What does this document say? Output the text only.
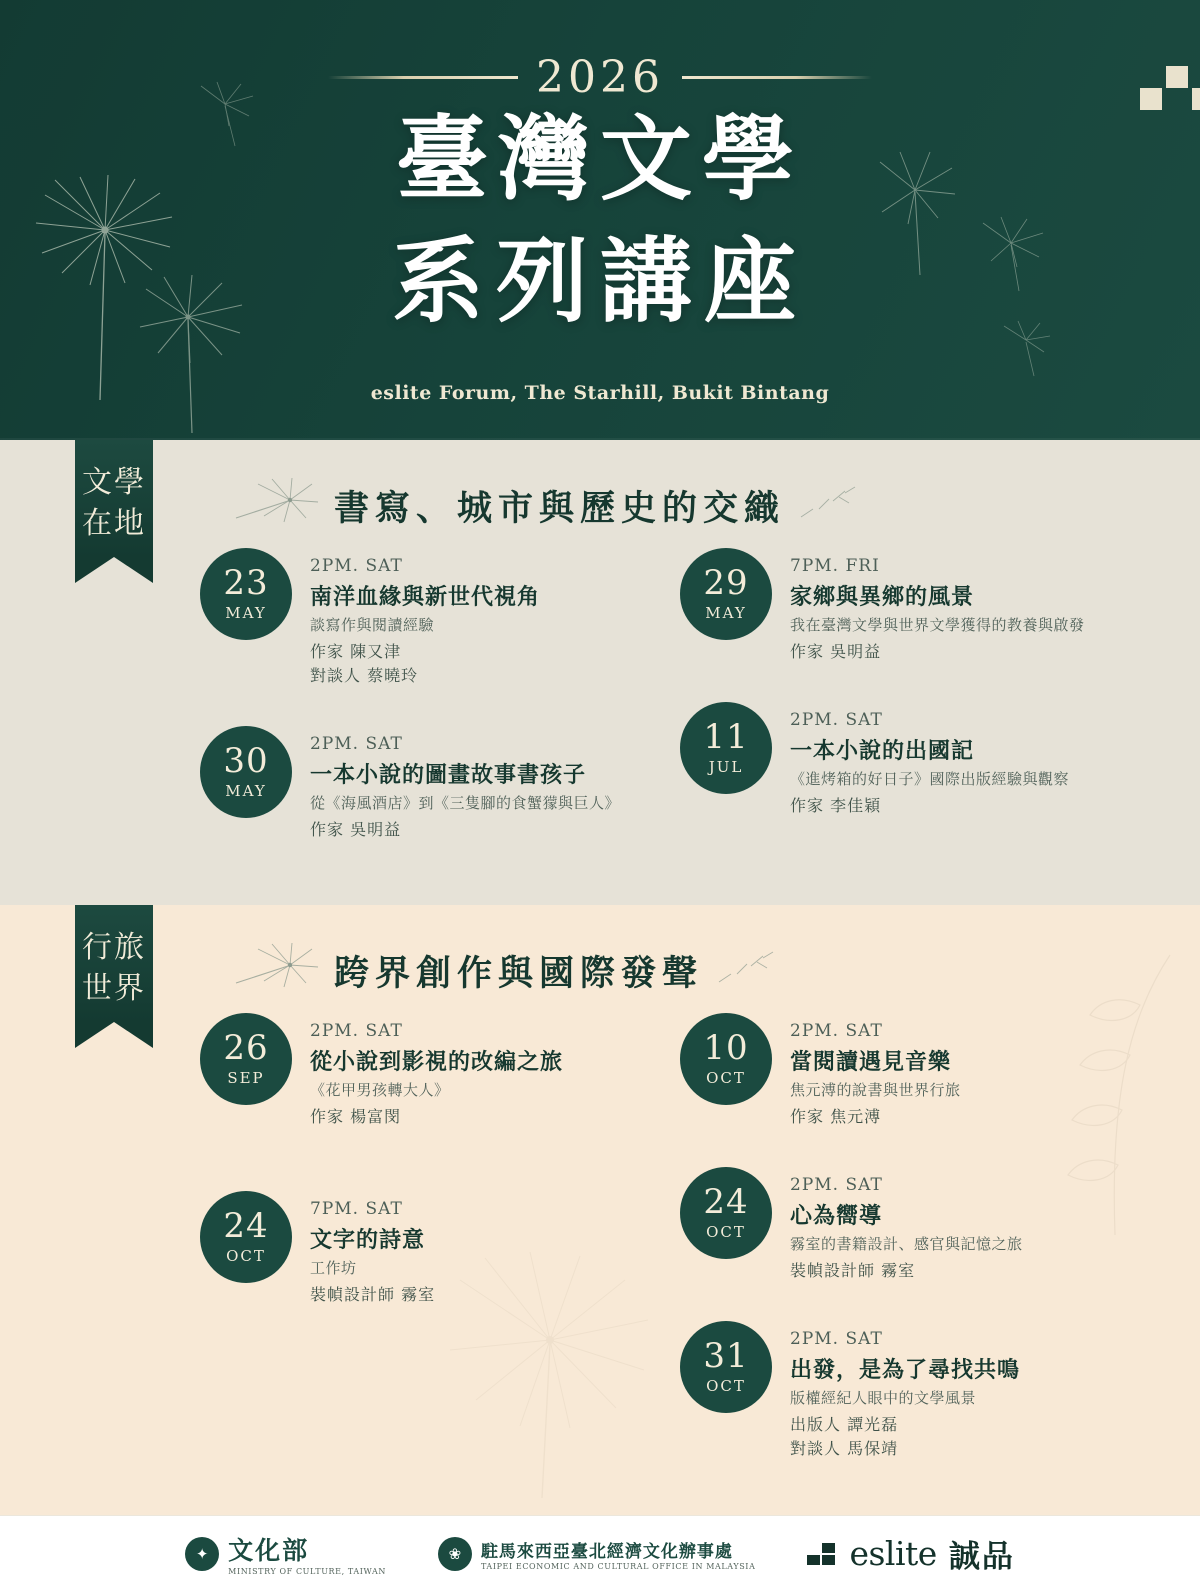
2026
臺灣文學
系列講座
eslite Forum, The Starhill, Bukit Bintang
文學在地	書寫、城市與歷史的交織
23
MAY
2PM. SAT
南洋血緣與新世代視角
談寫作與閱讀經驗
作家 陳又津
對談人 蔡曉玲
30
MAY
2PM. SAT
一本小說的圖畫故事書孩子
從《海風酒店》到《三隻腳的食蟹獴與巨人》
作家 吳明益
29
MAY
7PM. FRI
家鄉與異鄉的風景
我在臺灣文學與世界文學獲得的教養與啟發
作家 吳明益
11
JUL
2PM. SAT
一本小說的出國記
《進烤箱的好日子》國際出版經驗與觀察
作家 李佳穎
行旅世界	跨界創作與國際發聲
26
SEP
2PM. SAT
從小說到影視的改編之旅
《花甲男孩轉大人》
作家 楊富閔
24
OCT
7PM. SAT
文字的詩意
工作坊
裝幀設計師 霧室
10
OCT
2PM. SAT
當閱讀遇見音樂
焦元溥的說書與世界行旅
作家 焦元溥
24
OCT
2PM. SAT
心為嚮導
霧室的書籍設計、感官與記憶之旅
裝幀設計師 霧室
31
OCT
2PM. SAT
出發，是為了尋找共鳴
版權經紀人眼中的文學風景
出版人 譚光磊
對談人 馬保靖
✦ 文化部
MINISTRY OF CULTURE, TAIWAN
❀	駐馬來西亞臺北經濟文化辦事處
TAIPEI ECONOMIC AND CULTURAL OFFICE IN MALAYSIA	eslite 誠品
